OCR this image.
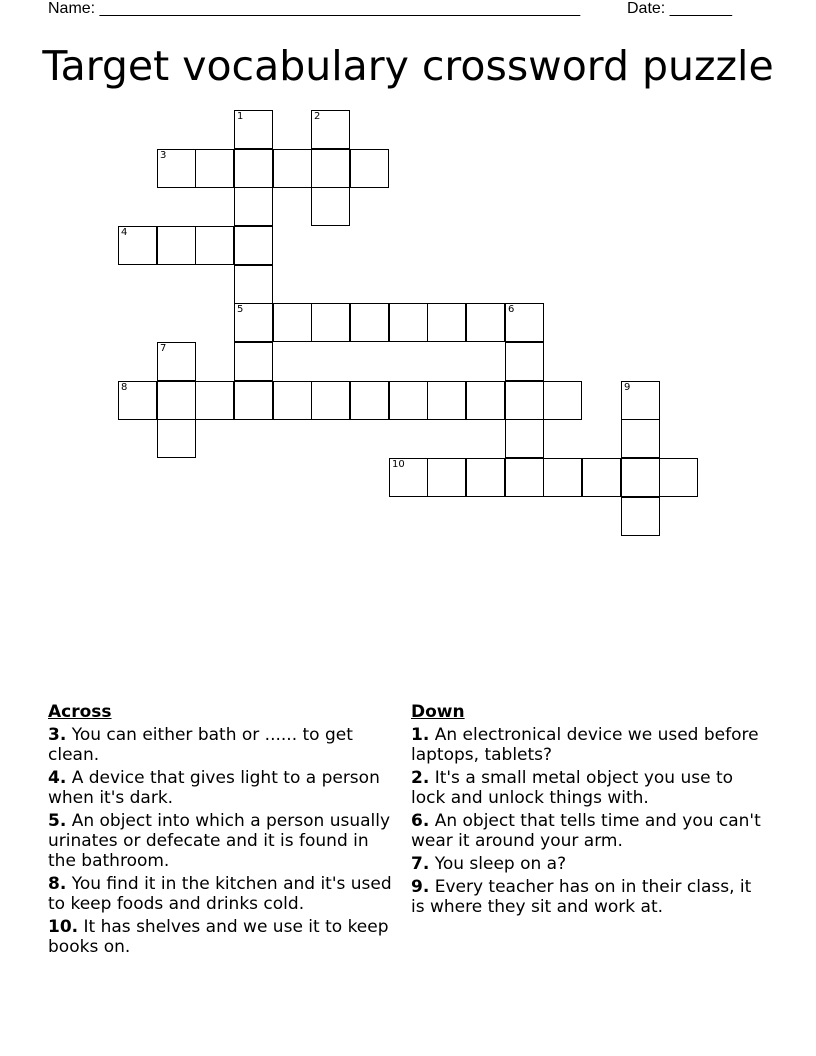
Name: ______________________________________________________	Date: _______
Target vocabulary crossword puzzle
1	2
3
4
5	6
7
8	9
10
Across
3. You can either bath or ...... to get clean.
4. A device that gives light to a person when it's dark.
5. An object into which a person usually urinates or defecate and it is found in the bathroom.
8. You find it in the kitchen and it's used to keep foods and drinks cold.
10. It has shelves and we use it to keep books on.
Down
1. An electronical device we used before laptops, tablets?
2. It's a small metal object you use to lock and unlock things with.
6. An object that tells time and you can't wear it around your arm.
7. You sleep on a?
9. Every teacher has on in their class, it is where they sit and work at.
